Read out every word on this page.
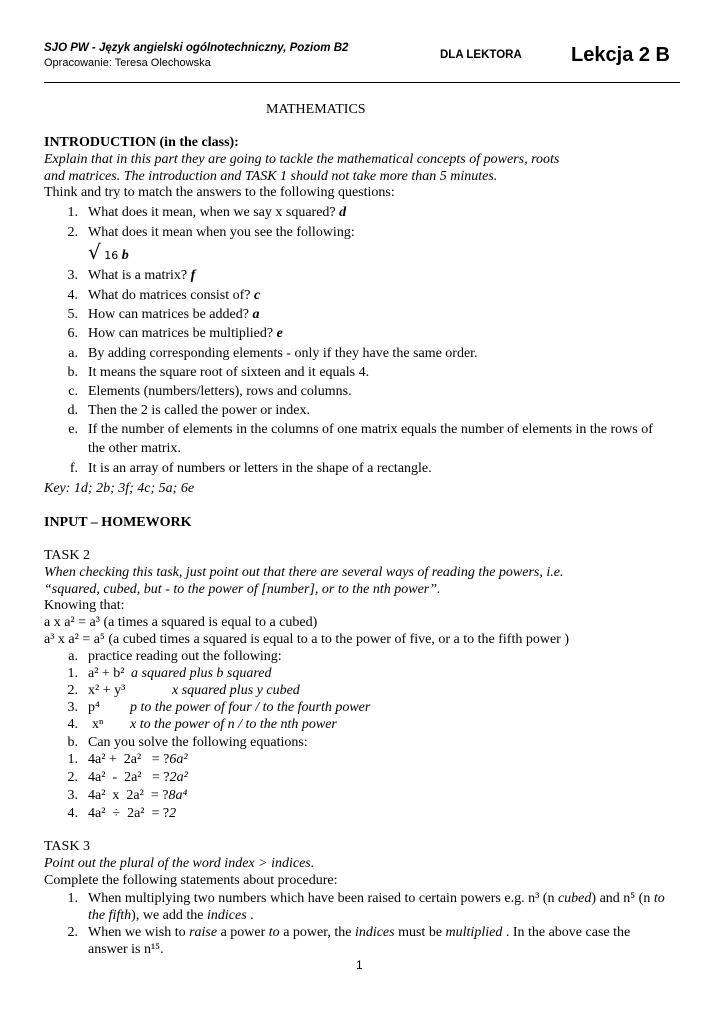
SJO PW - Język angielski ogólnotechniczny, Poziom B2
Opracowanie: Teresa Olechowska
DLA LEKTORA Lekcja 2 B
MATHEMATICS
INTRODUCTION (in the class):
Explain that in this part they are going to tackle the mathematical concepts of powers, roots
and matrices. The introduction and TASK 1 should not take more than 5 minutes.
Think and try to match the answers to the following questions:
1. What does it mean, when we say x squared? d
2. What does it mean when you see the following:
√ 16 b
3. What is a matrix? f
4. What do matrices consist of? c
5. How can matrices be added? a
6. How can matrices be multiplied? e
a. By adding corresponding elements - only if they have the same order.
b. It means the square root of sixteen and it equals 4.
c. Elements (numbers/letters), rows and columns.
d. Then the 2 is called the power or index.
e. If the number of elements in the columns of one matrix equals the number of elements in the rows of
the other matrix.
f. It is an array of numbers or letters in the shape of a rectangle.
Key: 1d; 2b; 3f; 4c; 5a; 6e
INPUT – HOMEWORK
TASK 2
When checking this task, just point out that there are several ways of reading the powers, i.e.
“squared, cubed, but - to the power of [number], or to the nth power”.
Knowing that:
a x a² = a³ (a times a squared is equal to a cubed)
a³ x a² = a⁵ (a cubed times a squared is equal to a to the power of five, or a to the fifth power )
a. practice reading out the following:
1. a² + b² a squared plus b squared
2. x² + y³	x squared plus y cubed
3. p⁴ p to the power of four / to the fourth power
4. xⁿ x to the power of n / to the nth power
b. Can you solve the following equations:
1. 4a² +  2a²   = ?6a²
2. 4a²  -  2a²   = ?2a²
3. 4a²  x  2a²  = ?8a⁴
4. 4a²  ÷  2a²  = ?2
TASK 3
Point out the plural of the word index > indices.
Complete the following statements about procedure:
1. When multiplying two numbers which have been raised to certain powers e.g. n³ (n cubed) and n⁵ (n to the fifth), we add the indices .
2. When we wish to raise a power to a power, the indices must be multiplied . In the above case the
answer is n¹⁵.
1
